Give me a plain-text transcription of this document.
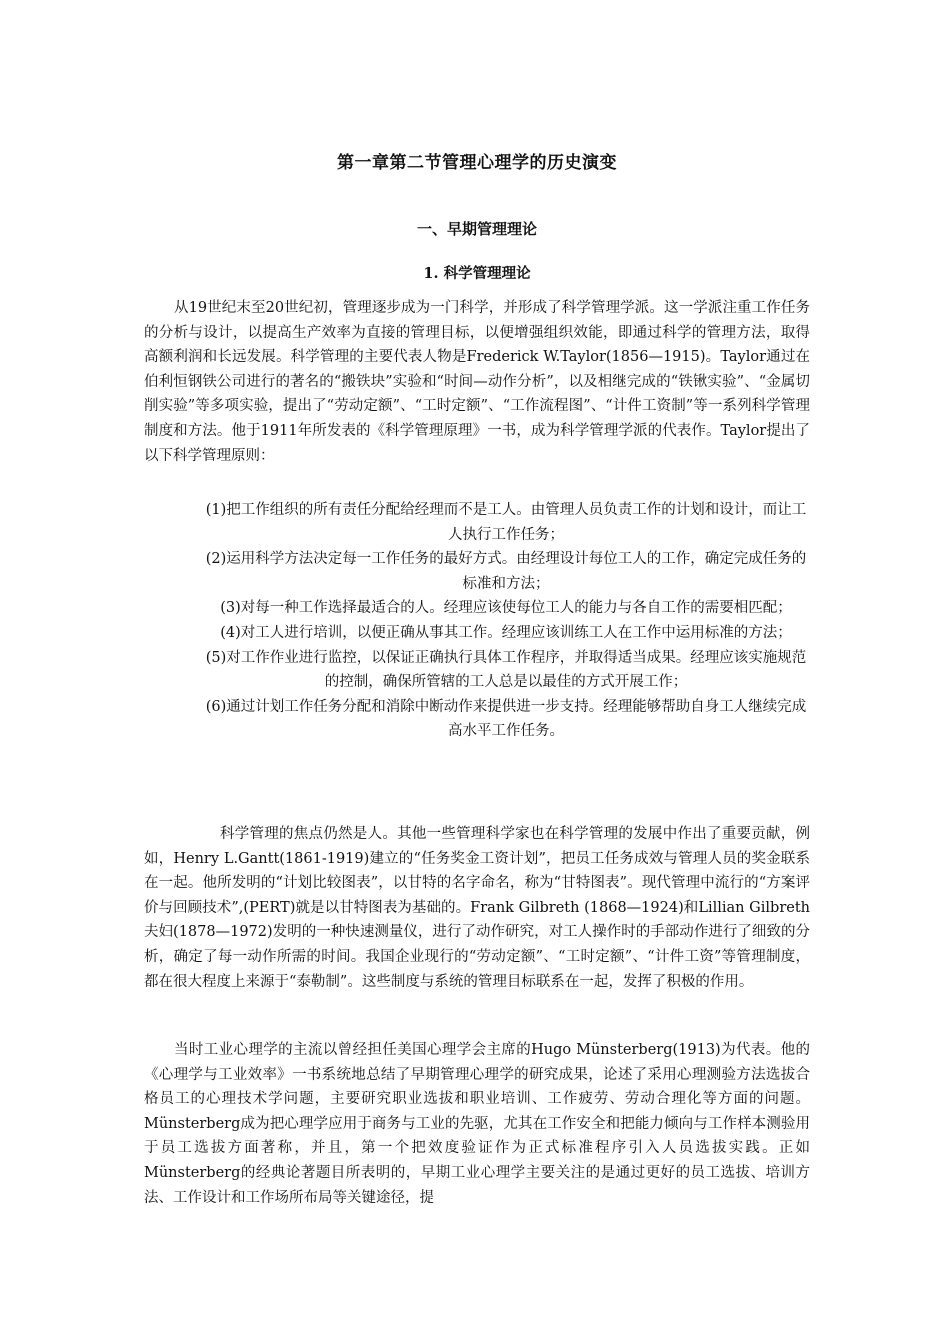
第一章第二节管理心理学的历史演变
一、早期管理理论
1. 科学管理理论

从19世纪末至20世纪初，管理逐步成为一门科学，并形成了科学管理学派。这一学派注重工作任务的分析与设计，以提高生产效率为直接的管理目标，以便增强组织效能，即通过科学的管理方法，取得高额利润和长远发展。科学管理的主要代表人物是Frederick W.Taylor(1856—1915)。Taylor通过在伯利恒钢铁公司进行的著名的“搬铁块”实验和“时间—动作分析”，以及相继完成的“铁锹实验”、“金属切削实验”等多项实验，提出了“劳动定额”、“工时定额”、“工作流程图”、“计件工资制”等一系列科学管理制度和方法。他于1911年所发表的《科学管理原理》一书，成为科学管理学派的代表作。Taylor提出了以下科学管理原则：

(1)把工作组织的所有责任分配给经理而不是工人。由管理人员负责工作的计划和设计，而让工人执行工作任务；
(2)运用科学方法决定每一工作任务的最好方式。由经理设计每位工人的工作，确定完成任务的标准和方法；
(3)对每一种工作选择最适合的人。经理应该使每位工人的能力与各自工作的需要相匹配；
(4)对工人进行培训，以便正确从事其工作。经理应该训练工人在工作中运用标准的方法；
(5)对工作作业进行监控，以保证正确执行具体工作程序，并取得适当成果。经理应该实施规范的控制，确保所管辖的工人总是以最佳的方式开展工作；
(6)通过计划工作任务分配和消除中断动作来提供进一步支持。经理能够帮助自身工人继续完成高水平工作任务。

科学管理的焦点仍然是人。其他一些管理科学家也在科学管理的发展中作出了重要贡献，例如，Henry L.Gantt(1861-1919)建立的“任务奖金工资计划”，把员工任务成效与管理人员的奖金联系在一起。他所发明的“计划比较图表”，以甘特的名字命名，称为“甘特图表”。现代管理中流行的“方案评价与回顾技术”,(PERT)就是以甘特图表为基础的。Frank Gilbreth (1868—1924)和Lillian Gilbreth夫妇(1878—1972)发明的一种快速测量仪，进行了动作研究，对工人操作时的手部动作进行了细致的分析，确定了每一动作所需的时间。我国企业现行的“劳动定额”、“工时定额”、“计件工资”等管理制度，都在很大程度上来源于“泰勒制”。这些制度与系统的管理目标联系在一起，发挥了积极的作用。

当时工业心理学的主流以曾经担任美国心理学会主席的Hugo Münsterberg(1913)为代表。他的《心理学与工业效率》一书系统地总结了早期管理心理学的研究成果，论述了采用心理测验方法选拔合格员工的心理技术学问题，主要研究职业选拔和职业培训、工作疲劳、劳动合理化等方面的问题。Münsterberg成为把心理学应用于商务与工业的先驱，尤其在工作安全和把能力倾向与工作样本测验用于员工选拔方面著称，并且，第一个把效度验证作为正式标准程序引入人员选拔实践。正如Münsterberg的经典论著题目所表明的，早期工业心理学主要关注的是通过更好的员工选拔、培训方法、工作设计和工作场所布局等关键途径，提
